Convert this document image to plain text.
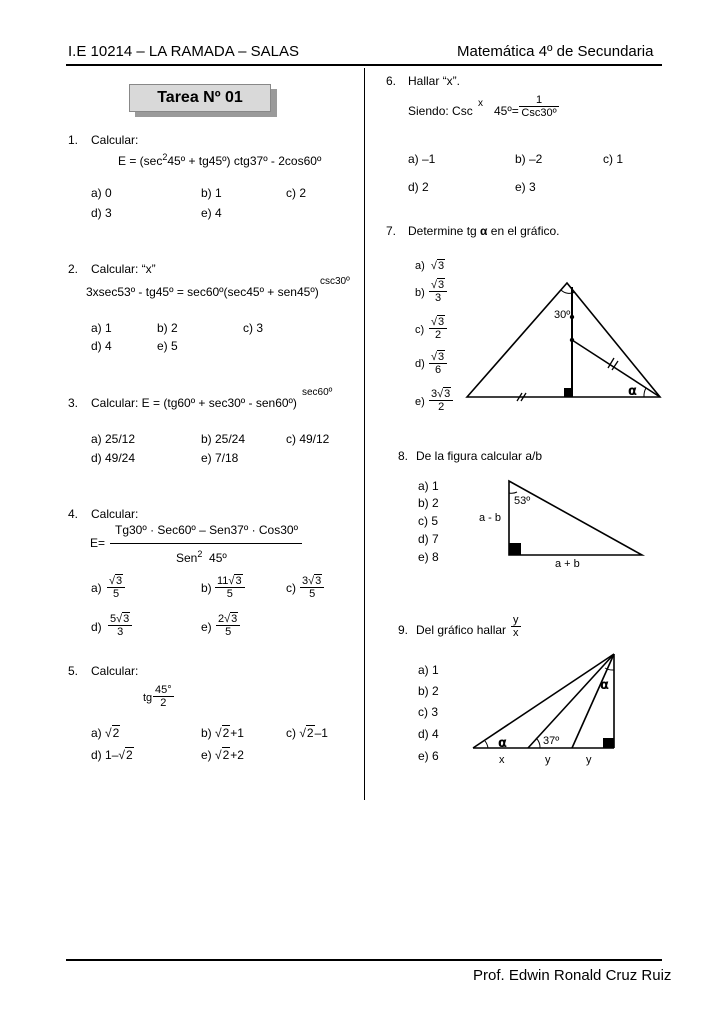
I.E 10214 – LA RAMADA – SALAS	Matemática 4º de Secundaria
Tarea Nº 01
1. Calcular:
$E = (\sec^245º$ + tg45º) ctg37º - 2cos60º
a) 0	b) 1	c) 2
d) 3	e) 4
2. Calcular: “x”
3xsec53º - tg45º = sec60º(sec45º + sen45º)
csc30º
a) 1	b) 2	c) 3
d) 4	e) 5
3. Calcular: E = (tg60º + sec30º - sen60º)
sec60º
a) 25/12	b) 25/24	c) 49/12
d) 49/24	e) 7/18
4. Calcular:
E=
Tg30º · Sec60º – Sen37º · Cos30º
Sen$^2$ 45º
$a) \frac{√3}{5}$	$b) \frac{11√3}{5}$	$c) \frac{3√3}{5}$
$d) \frac{5√3}{3}$	$e) \frac{2√3}{5}$
5. Calcular:
tg $\frac{45^\circ}{2}$
a) √2	b) √2+1	c) √2–1
d) 1–√2	e) √2+2
6. Hallar “x”.
Siendo: Csc
x
45º=
1
Csc30º
a) –1	b) –2	c) 1
d) 2	e) 3
7. Determine tg α en el gráfico.
a)  √3
$b) \frac{√3}{3}$
$c) \frac{√3}{2}$
$d) \frac{√3}{6}$
$e) \frac{3√3}{2}$
30º
α
8. De la figura calcular a/b
a) 1
b) 2
c) 5
d) 7
e) 8
53º
a - b
a + b
9. Del gráfico hallar $\frac{y}{x}$
a) 1
b) 2
c) 3
d) 4
e) 6
α	37º
α
x	y	y
Prof. Edwin Ronald Cruz Ruiz
